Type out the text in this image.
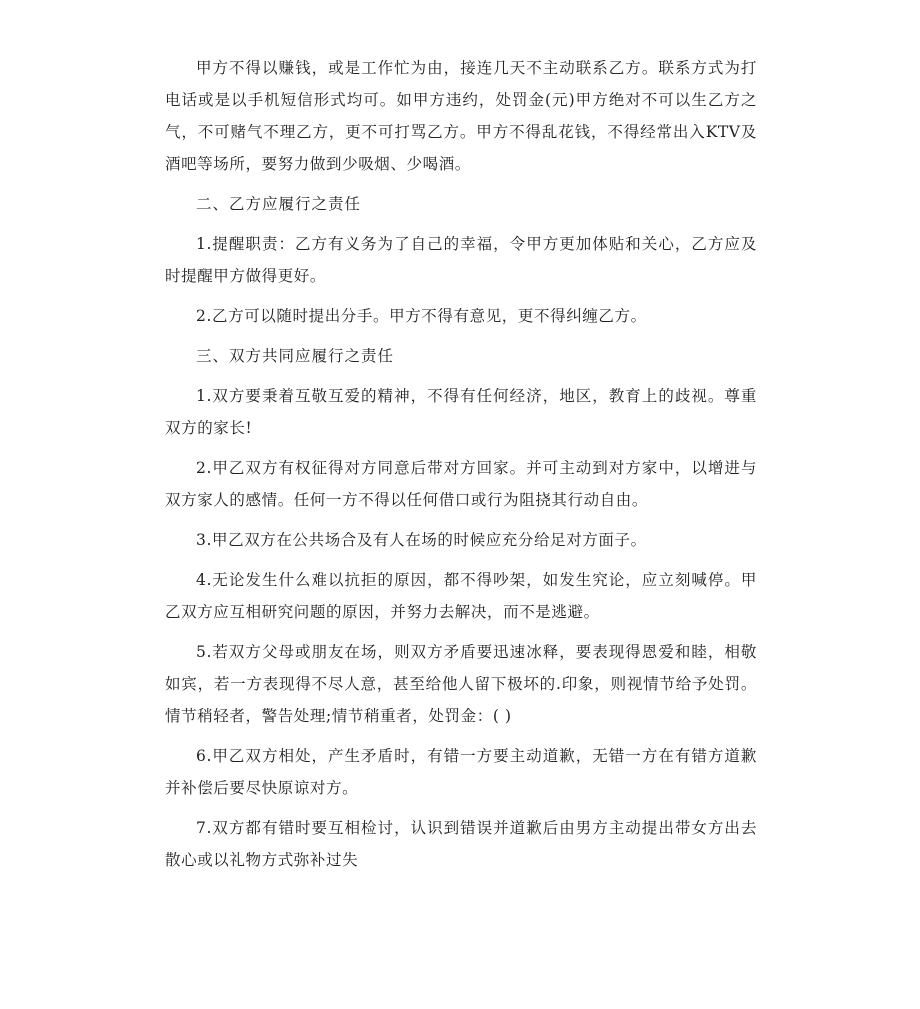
甲方不得以赚钱，或是工作忙为由，接连几天不主动联系乙方。联系方式为打电话或是以手机短信形式均可。如甲方违约，处罚金(元)甲方绝对不可以生乙方之气，不可赌气不理乙方，更不可打骂乙方。甲方不得乱花钱，不得经常出入KTV及酒吧等场所，要努力做到少吸烟、少喝酒。

二、乙方应履行之责任

1.提醒职责：乙方有义务为了自己的幸福，令甲方更加体贴和关心，乙方应及时提醒甲方做得更好。

2.乙方可以随时提出分手。甲方不得有意见，更不得纠缠乙方。

三、双方共同应履行之责任

1.双方要秉着互敬互爱的精神，不得有任何经济，地区，教育上的歧视。尊重双方的家长!

2.甲乙双方有权征得对方同意后带对方回家。并可主动到对方家中，以增进与双方家人的感情。任何一方不得以任何借口或行为阻挠其行动自由。

3.甲乙双方在公共场合及有人在场的时候应充分给足对方面子。

4.无论发生什么难以抗拒的原因，都不得吵架，如发生究论，应立刻喊停。甲乙双方应互相研究问题的原因，并努力去解决，而不是逃避。

5.若双方父母或朋友在场，则双方矛盾要迅速冰释，要表现得恩爱和睦，相敬如宾，若一方表现得不尽人意，甚至给他人留下极坏的.印象，则视情节给予处罚。情节稍轻者，警告处理;情节稍重者，处罚金：( )

6.甲乙双方相处，产生矛盾时，有错一方要主动道歉，无错一方在有错方道歉并补偿后要尽快原谅对方。

7.双方都有错时要互相检讨，认识到错误并道歉后由男方主动提出带女方出去散心或以礼物方式弥补过失
